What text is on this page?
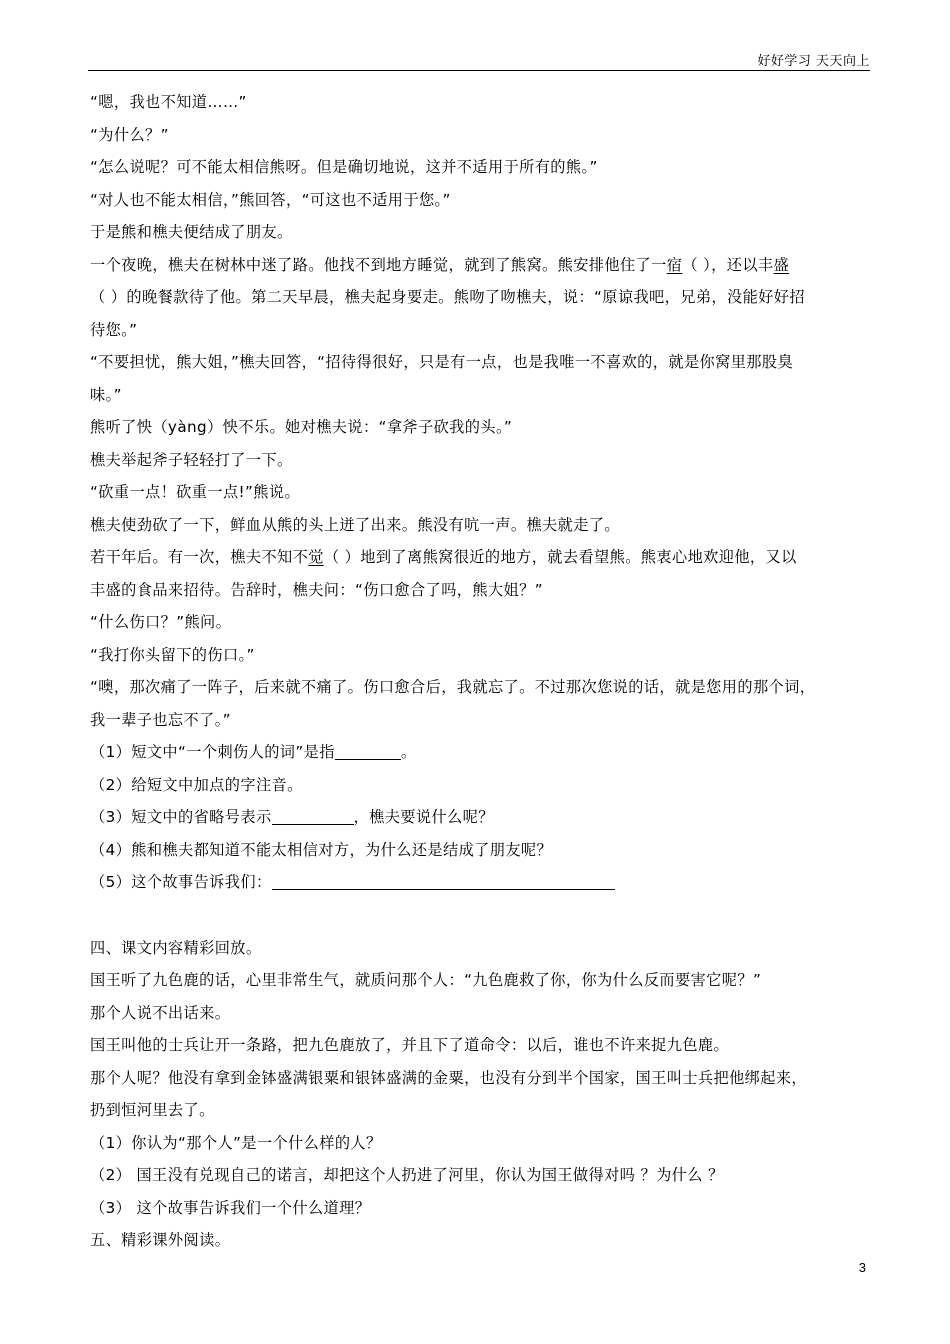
好好学习 天天向上
“嗯，我也不知道……”
“为什么？”
“怎么说呢？可不能太相信熊呀。但是确切地说，这并不适用于所有的熊。”
“对人也不能太相信，”熊回答，“可这也不适用于您。”
于是熊和樵夫便结成了朋友。
一个夜晚，樵夫在树林中迷了路。他找不到地方睡觉，就到了熊窝。熊安排他住了一宿（ ），还以丰盛
（ ）的晚餐款待了他。第二天早晨，樵夫起身要走。熊吻了吻樵夫，说：“原谅我吧，兄弟，没能好好招
待您。”
“不要担忧，熊大姐，”樵夫回答，“招待得很好，只是有一点，也是我唯一不喜欢的，就是你窝里那股臭
味。”
熊听了怏（yàng）怏不乐。她对樵夫说：“拿斧子砍我的头。”
樵夫举起斧子轻轻打了一下。
“砍重一点！砍重一点!”熊说。
樵夫使劲砍了一下，鲜血从熊的头上迸了出来。熊没有吭一声。樵夫就走了。
若干年后。有一次，樵夫不知不觉（ ）地到了离熊窝很近的地方，就去看望熊。熊衷心地欢迎他，又以
丰盛的食品来招待。告辞时，樵夫问：“伤口愈合了吗，熊大姐？”
“什么伤口？”熊问。
“我打你头留下的伤口。”
“噢，那次痛了一阵子，后来就不痛了。伤口愈合后，我就忘了。不过那次您说的话，就是您用的那个词，
我一辈子也忘不了。”
（1）短文中“一个刺伤人的词”是指	。
（2）给短文中加点的字注音。
（3）短文中的省略号表示	，樵夫要说什么呢？
（4）熊和樵夫都知道不能太相信对方，为什么还是结成了朋友呢？
（5）这个故事告诉我们：
四、课文内容精彩回放。
国王听了九色鹿的话，心里非常生气，就质问那个人：“九色鹿救了你，你为什么反而要害它呢？”
那个人说不出话来。
国王叫他的士兵让开一条路，把九色鹿放了，并且下了道命令：以后，谁也不许来捉九色鹿。
那个人呢？他没有拿到金钵盛满银粟和银钵盛满的金粟，也没有分到半个国家，国王叫士兵把他绑起来，
扔到恒河里去了。
（1）你认为“那个人”是一个什么样的人？
（2） 国王没有兑现自己的诺言，却把这个人扔进了河里，你认为国王做得对吗 ？为什么 ？
（3） 这个故事告诉我们一个什么道理？
五、精彩课外阅读。
3
